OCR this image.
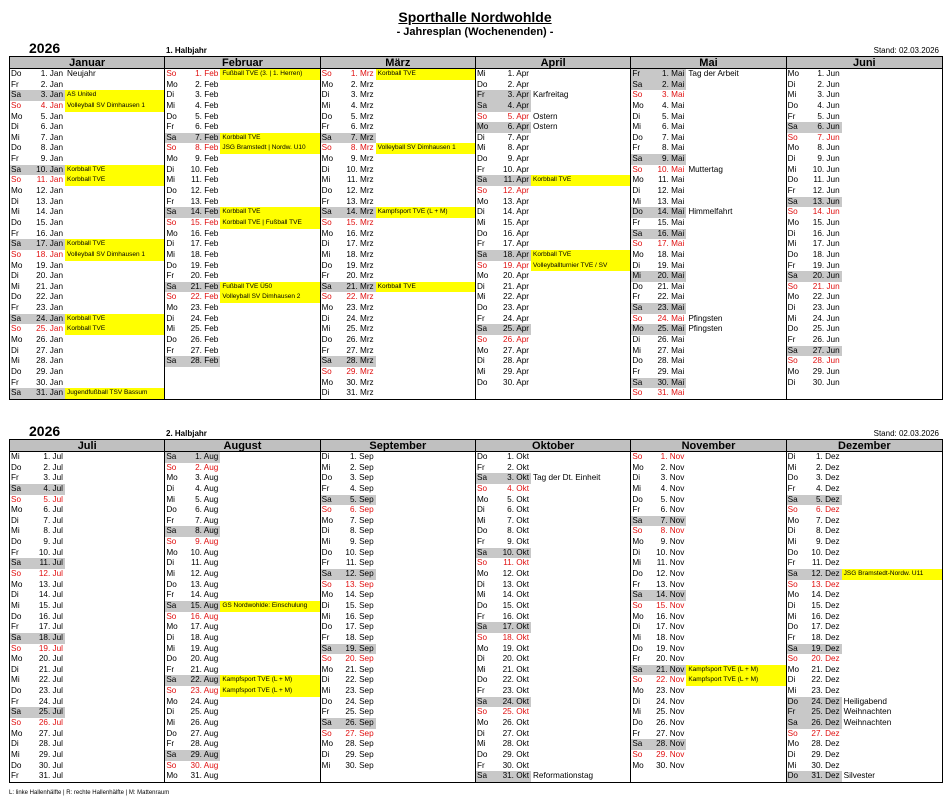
Sporthalle Nordwohlde
- Jahresplan (Wochenenden) -
2026	1. Halbjahr	Stand: 02.03.2026
Januar
Do	1. Jan Neujahr
Fr	2. Jan
Sa	3. Jan AS United
So	4. Jan Volleyball SV Dimhausen 1
Mo	5. Jan
Di	6. Jan
Mi	7. Jan
Do	8. Jan
Fr	9. Jan
Sa	10. Jan Korbball TVE
So	11. Jan Korbball TVE
Mo	12. Jan
Di	13. Jan
Mi	14. Jan
Do	15. Jan
Fr	16. Jan
Sa	17. Jan Korbball TVE
So	18. Jan Volleyball SV Dimhausen 1
Mo	19. Jan
Di	20. Jan
Mi	21. Jan
Do	22. Jan
Fr	23. Jan
Sa	24. Jan Korbball TVE
So	25. Jan Korbball TVE
Mo	26. Jan
Di	27. Jan
Mi	28. Jan
Do	29. Jan
Fr	30. Jan
Sa	31. Jan Jugendfußball TSV Bassum
Februar
So	1. Feb Fußball TVE (3. | 1. Herren)
Mo	2. Feb
Di	3. Feb
Mi	4. Feb
Do	5. Feb
Fr	6. Feb
Sa	7. Feb Korbball TVE
So	8. Feb JSG Bramstedt | Nordw. U10
Mo	9. Feb
Di	10. Feb
Mi	11. Feb
Do	12. Feb
Fr	13. Feb
Sa	14. Feb Korbball TVE
So	15. Feb Korbball TVE | Fußball TVE
Mo	16. Feb
Di	17. Feb
Mi	18. Feb
Do	19. Feb
Fr	20. Feb
Sa	21. Feb Fußball TVE Ü50
So	22. Feb Volleyball SV Dimhausen 2
Mo	23. Feb
Di	24. Feb
Mi	25. Feb
Do	26. Feb
Fr	27. Feb
Sa	28. Feb
März
So	1. Mrz Korbball TVE
Mo	2. Mrz
Di	3. Mrz
Mi	4. Mrz
Do	5. Mrz
Fr	6. Mrz
Sa	7. Mrz
So	8. Mrz Volleyball SV Dimhausen 1
Mo	9. Mrz
Di	10. Mrz
Mi	11. Mrz
Do	12. Mrz
Fr	13. Mrz
Sa	14. Mrz Kampfsport TVE (L + M)
So	15. Mrz
Mo	16. Mrz
Di	17. Mrz
Mi	18. Mrz
Do	19. Mrz
Fr	20. Mrz
Sa	21. Mrz Korbball TVE
So	22. Mrz
Mo	23. Mrz
Di	24. Mrz
Mi	25. Mrz
Do	26. Mrz
Fr	27. Mrz
Sa	28. Mrz
So	29. Mrz
Mo	30. Mrz
Di	31. Mrz
April
Mi	1. Apr
Do	2. Apr
Fr	3. Apr Karfreitag
Sa	4. Apr
So	5. Apr Ostern
Mo	6. Apr Ostern
Di	7. Apr
Mi	8. Apr
Do	9. Apr
Fr	10. Apr
Sa	11. Apr Korbball TVE
So	12. Apr
Mo	13. Apr
Di	14. Apr
Mi	15. Apr
Do	16. Apr
Fr	17. Apr
Sa	18. Apr Korbball TVE
So	19. Apr Volleyballturnier TVE / SV
Mo	20. Apr
Di	21. Apr
Mi	22. Apr
Do	23. Apr
Fr	24. Apr
Sa	25. Apr
So	26. Apr
Mo	27. Apr
Di	28. Apr
Mi	29. Apr
Do	30. Apr
Mai
Fr	1. Mai Tag der Arbeit
Sa	2. Mai
So	3. Mai
Mo	4. Mai
Di	5. Mai
Mi	6. Mai
Do	7. Mai
Fr	8. Mai
Sa	9. Mai
So	10. Mai Muttertag
Mo	11. Mai
Di	12. Mai
Mi	13. Mai
Do	14. Mai Himmelfahrt
Fr	15. Mai
Sa	16. Mai
So	17. Mai
Mo	18. Mai
Di	19. Mai
Mi	20. Mai
Do	21. Mai
Fr	22. Mai
Sa	23. Mai
So	24. Mai Pfingsten
Mo	25. Mai Pfingsten
Di	26. Mai
Mi	27. Mai
Do	28. Mai
Fr	29. Mai
Sa	30. Mai
So	31. Mai
Juni
Mo	1. Jun
Di	2. Jun
Mi	3. Jun
Do	4. Jun
Fr	5. Jun
Sa	6. Jun
So	7. Jun
Mo	8. Jun
Di	9. Jun
Mi	10. Jun
Do	11. Jun
Fr	12. Jun
Sa	13. Jun
So	14. Jun
Mo	15. Jun
Di	16. Jun
Mi	17. Jun
Do	18. Jun
Fr	19. Jun
Sa	20. Jun
So	21. Jun
Mo	22. Jun
Di	23. Jun
Mi	24. Jun
Do	25. Jun
Fr	26. Jun
Sa	27. Jun
So	28. Jun
Mo	29. Jun
Di	30. Jun
2026	2. Halbjahr	Stand: 02.03.2026
Juli
Mi	1. Jul
Do	2. Jul
Fr	3. Jul
Sa	4. Jul
So	5. Jul
Mo	6. Jul
Di	7. Jul
Mi	8. Jul
Do	9. Jul
Fr	10. Jul
Sa	11. Jul
So	12. Jul
Mo	13. Jul
Di	14. Jul
Mi	15. Jul
Do	16. Jul
Fr	17. Jul
Sa	18. Jul
So	19. Jul
Mo	20. Jul
Di	21. Jul
Mi	22. Jul
Do	23. Jul
Fr	24. Jul
Sa	25. Jul
So	26. Jul
Mo	27. Jul
Di	28. Jul
Mi	29. Jul
Do	30. Jul
Fr	31. Jul
August
Sa	1. Aug
So	2. Aug
Mo	3. Aug
Di	4. Aug
Mi	5. Aug
Do	6. Aug
Fr	7. Aug
Sa	8. Aug
So	9. Aug
Mo	10. Aug
Di	11. Aug
Mi	12. Aug
Do	13. Aug
Fr	14. Aug
Sa	15. Aug GS Nordwohlde: Einschulung
So	16. Aug
Mo	17. Aug
Di	18. Aug
Mi	19. Aug
Do	20. Aug
Fr	21. Aug
Sa	22. Aug Kampfsport TVE (L + M)
So	23. Aug Kampfsport TVE (L + M)
Mo	24. Aug
Di	25. Aug
Mi	26. Aug
Do	27. Aug
Fr	28. Aug
Sa	29. Aug
So	30. Aug
Mo	31. Aug
September
Di	1. Sep
Mi	2. Sep
Do	3. Sep
Fr	4. Sep
Sa	5. Sep
So	6. Sep
Mo	7. Sep
Di	8. Sep
Mi	9. Sep
Do	10. Sep
Fr	11. Sep
Sa	12. Sep
So	13. Sep
Mo	14. Sep
Di	15. Sep
Mi	16. Sep
Do	17. Sep
Fr	18. Sep
Sa	19. Sep
So	20. Sep
Mo	21. Sep
Di	22. Sep
Mi	23. Sep
Do	24. Sep
Fr	25. Sep
Sa	26. Sep
So	27. Sep
Mo	28. Sep
Di	29. Sep
Mi	30. Sep
Oktober
Do	1. Okt
Fr	2. Okt
Sa	3. Okt Tag der Dt. Einheit
So	4. Okt
Mo	5. Okt
Di	6. Okt
Mi	7. Okt
Do	8. Okt
Fr	9. Okt
Sa	10. Okt
So	11. Okt
Mo	12. Okt
Di	13. Okt
Mi	14. Okt
Do	15. Okt
Fr	16. Okt
Sa	17. Okt
So	18. Okt
Mo	19. Okt
Di	20. Okt
Mi	21. Okt
Do	22. Okt
Fr	23. Okt
Sa	24. Okt
So	25. Okt
Mo	26. Okt
Di	27. Okt
Mi	28. Okt
Do	29. Okt
Fr	30. Okt
Sa	31. Okt Reformationstag
November
So	1. Nov
Mo	2. Nov
Di	3. Nov
Mi	4. Nov
Do	5. Nov
Fr	6. Nov
Sa	7. Nov
So	8. Nov
Mo	9. Nov
Di	10. Nov
Mi	11. Nov
Do	12. Nov
Fr	13. Nov
Sa	14. Nov
So	15. Nov
Mo	16. Nov
Di	17. Nov
Mi	18. Nov
Do	19. Nov
Fr	20. Nov
Sa	21. Nov Kampfsport TVE (L + M)
So	22. Nov Kampfsport TVE (L + M)
Mo	23. Nov
Di	24. Nov
Mi	25. Nov
Do	26. Nov
Fr	27. Nov
Sa	28. Nov
So	29. Nov
Mo	30. Nov
Dezember
Di	1. Dez
Mi	2. Dez
Do	3. Dez
Fr	4. Dez
Sa	5. Dez
So	6. Dez
Mo	7. Dez
Di	8. Dez
Mi	9. Dez
Do	10. Dez
Fr	11. Dez
Sa	12. Dez JSG Bramstedt-Nordw. U11
So	13. Dez
Mo	14. Dez
Di	15. Dez
Mi	16. Dez
Do	17. Dez
Fr	18. Dez
Sa	19. Dez
So	20. Dez
Mo	21. Dez
Di	22. Dez
Mi	23. Dez
Do	24. Dez Heiligabend
Fr	25. Dez Weihnachten
Sa	26. Dez Weihnachten
So	27. Dez
Mo	28. Dez
Di	29. Dez
Mi	30. Dez
Do	31. Dez Silvester
L: linke Hallenhälfte | R: rechte Hallenhälfte | M: Mattenraum
